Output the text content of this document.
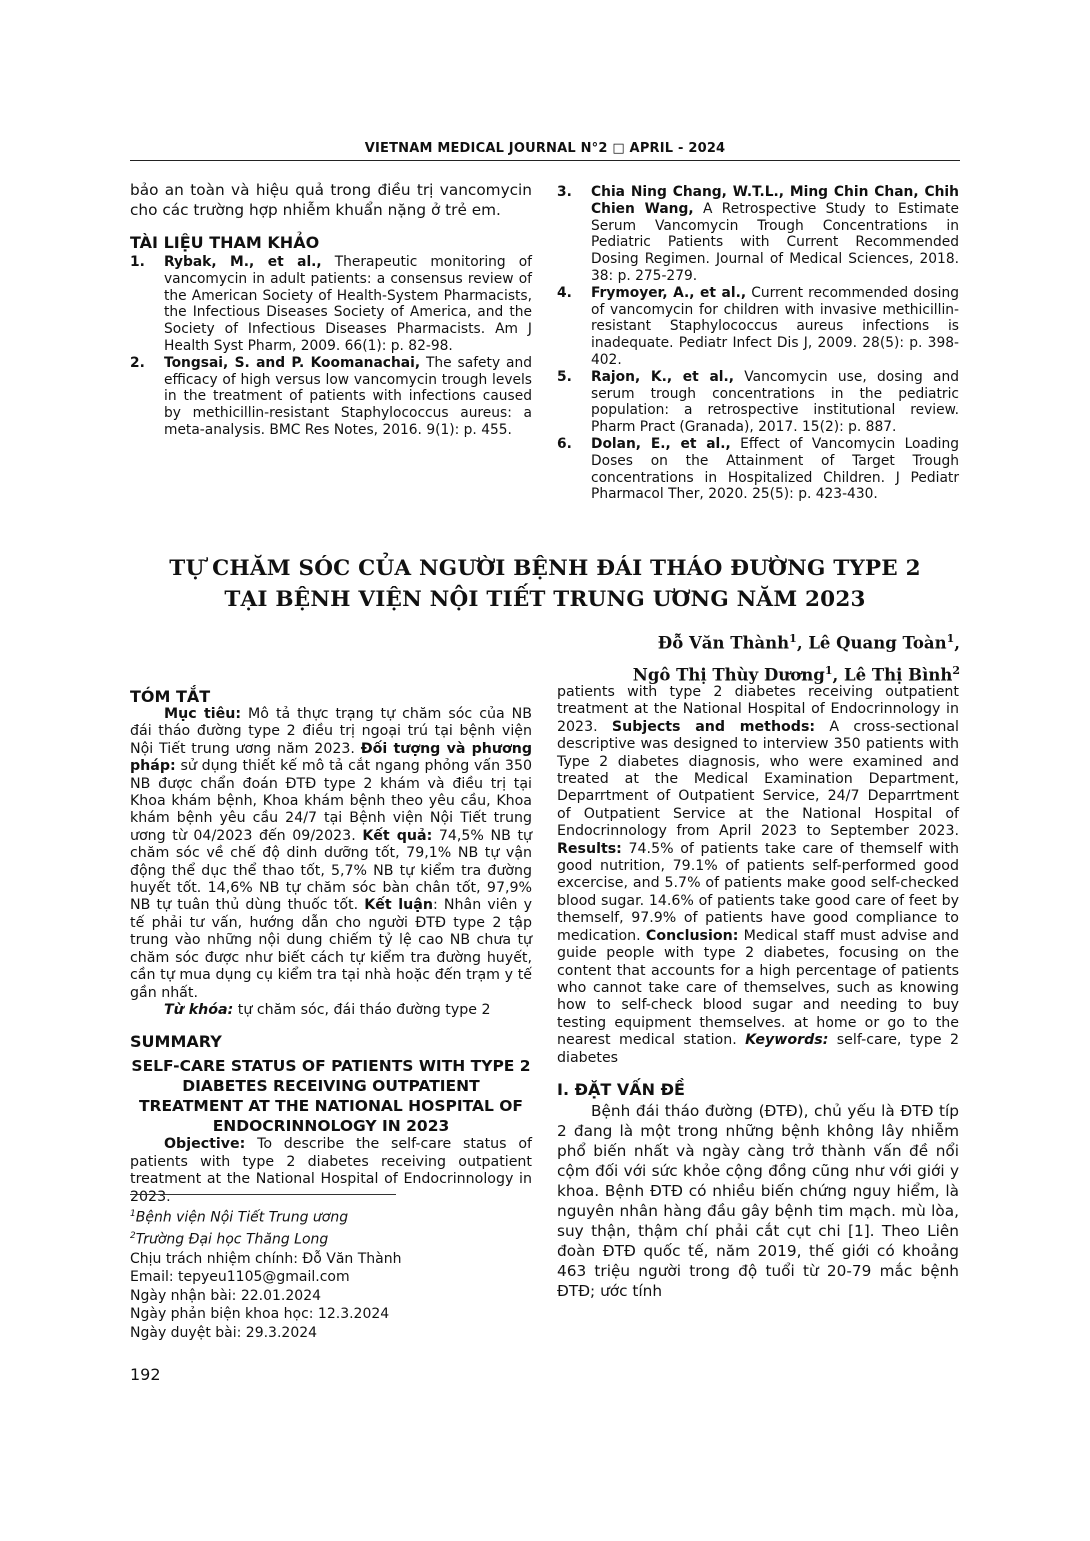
VIETNAM MEDICAL JOURNAL N°2 □ APRIL - 2024

bảo an toàn và hiệu quả trong điều trị vancomycin cho các trường hợp nhiễm khuẩn nặng ở trẻ em.

TÀI LIỆU THAM KHẢO
1.	Rybak, M., et al., Therapeutic monitoring of vancomycin in adult patients: a consensus review of the American Society of Health-System Pharmacists, the Infectious Diseases Society of America, and the Society of Infectious Diseases Pharmacists. Am J Health Syst Pharm, 2009. 66(1): p. 82-98.
2.	Tongsai, S. and P. Koomanachai, The safety and efficacy of high versus low vancomycin trough levels in the treatment of patients with infections caused by methicillin-resistant Staphylococcus aureus: a meta-analysis. BMC Res Notes, 2016. 9(1): p. 455.
3.	Chia Ning Chang, W.T.L., Ming Chin Chan, Chih Chien Wang, A Retrospective Study to Estimate Serum Vancomycin Trough Concentrations in Pediatric Patients with Current Recommended Dosing Regimen. Journal of Medical Sciences, 2018. 38: p. 275-279.
4.	Frymoyer, A., et al., Current recommended dosing of vancomycin for children with invasive methicillin-resistant Staphylococcus aureus infections is inadequate. Pediatr Infect Dis J, 2009. 28(5): p. 398-402.
5.	Rajon, K., et al., Vancomycin use, dosing and serum trough concentrations in the pediatric population: a retrospective institutional review. Pharm Pract (Granada), 2017. 15(2): p. 887.
6.	Dolan, E., et al., Effect of Vancomycin Loading Doses on the Attainment of Target Trough concentrations in Hospitalized Children. J Pediatr Pharmacol Ther, 2020. 25(5): p. 423-430.
TỰ CHĂM SÓC CỦA NGƯỜI BỆNH ĐÁI THÁO ĐƯỜNG TYPE 2
TẠI BỆNH VIỆN NỘI TIẾT TRUNG ƯƠNG NĂM 2023
Đỗ Văn Thành$^1$, Lê Quang Toàn$^1$,
Ngô Thị Thùy Dương$^1$, Lê Thị Bình$^2$
TÓM TẮT

Mục tiêu: Mô tả thực trạng tự chăm sóc của NB đái tháo đường type 2 điều trị ngoại trú tại bệnh viện Nội Tiết trung ương năm 2023. Đối tượng và phương pháp: sử dụng thiết kế mô tả cắt ngang phỏng vấn 350 NB được chẩn đoán ĐTĐ type 2 khám và điều trị tại Khoa khám bệnh, Khoa khám bệnh theo yêu cầu, Khoa khám bệnh yêu cầu 24/7 tại Bệnh viện Nội Tiết trung ương từ 04/2023 đến 09/2023. Kết quả: 74,5% NB tự chăm sóc về chế độ dinh dưỡng tốt, 79,1% NB tự vận động thể dục thể thao tốt, 5,7% NB tự kiểm tra đường huyết tốt. 14,6% NB tự chăm sóc bàn chân tốt, 97,9% NB tự tuân thủ dùng thuốc tốt. Kết luận: Nhân viên y tế phải tư vấn, hướng dẫn cho người ĐTĐ type 2 tập trung vào những nội dung chiếm tỷ lệ cao NB chưa tự chăm sóc được như biết cách tự kiểm tra đường huyết, cần tự mua dụng cụ kiểm tra tại nhà hoặc đến trạm y tế gần nhất.

Từ khóa: tự chăm sóc, đái tháo đường type 2

SUMMARY
SELF-CARE STATUS OF PATIENTS WITH TYPE 2 DIABETES RECEIVING OUTPATIENT TREATMENT AT THE NATIONAL HOSPITAL OF ENDOCRINNOLOGY IN 2023

Objective: To describe the self-care status of patients with type 2 diabetes receiving outpatient treatment at the National Hospital of Endocrinnology in 2023.

patients with type 2 diabetes receiving outpatient treatment at the National Hospital of Endocrinnology in 2023. Subjects and methods: A cross-sectional descriptive was designed to interview 350 patients with Type 2 diabetes diagnosis, who were examined and treated at the Medical Examination Department, Deparrtment of Outpatient Service, 24/7 Deparrtment of Outpatient Service at the National Hospital of Endocrinnology from April 2023 to September 2023. Results: 74.5% of patients take care of themself with good nutrition, 79.1% of patients self-performed good excercise, and 5.7% of patients make good self-checked blood sugar. 14.6% of patients take good care of feet by themself, 97.9% of patients have good compliance to medication. Conclusion: Medical staff must advise and guide people with type 2 diabetes, focusing on the content that accounts for a high percentage of patients who cannot take care of themselves, such as knowing how to self-check blood sugar and needing to buy testing equipment themselves. at home or go to the nearest medical station. Keywords: self-care, type 2 diabetes

I. ĐẶT VẤN ĐỀ

Bệnh đái tháo đường (ĐTĐ), chủ yếu là ĐTĐ típ 2 đang là một trong những bệnh không lây nhiễm phổ biến nhất và ngày càng trở thành vấn đề nổi cộm đối với sức khỏe cộng đồng cũng như với giới y khoa. Bệnh ĐTĐ có nhiều biến chứng nguy hiểm, là nguyên nhân hàng đầu gây bệnh tim mạch. mù lòa, suy thận, thậm chí phải cắt cụt chi [1]. Theo Liên đoàn ĐTĐ quốc tế, năm 2019, thế giới có khoảng 463 triệu người trong độ tuổi từ 20-79 mắc bệnh ĐTĐ; ước tính

$^1$Bệnh viện Nội Tiết Trung ương
$^2$Trường Đại học Thăng Long
Chịu trách nhiệm chính: Đỗ Văn Thành
Email: tepyeu1105@gmail.com
Ngày nhận bài: 22.01.2024
Ngày phản biện khoa học: 12.3.2024
Ngày duyệt bài: 29.3.2024
192
